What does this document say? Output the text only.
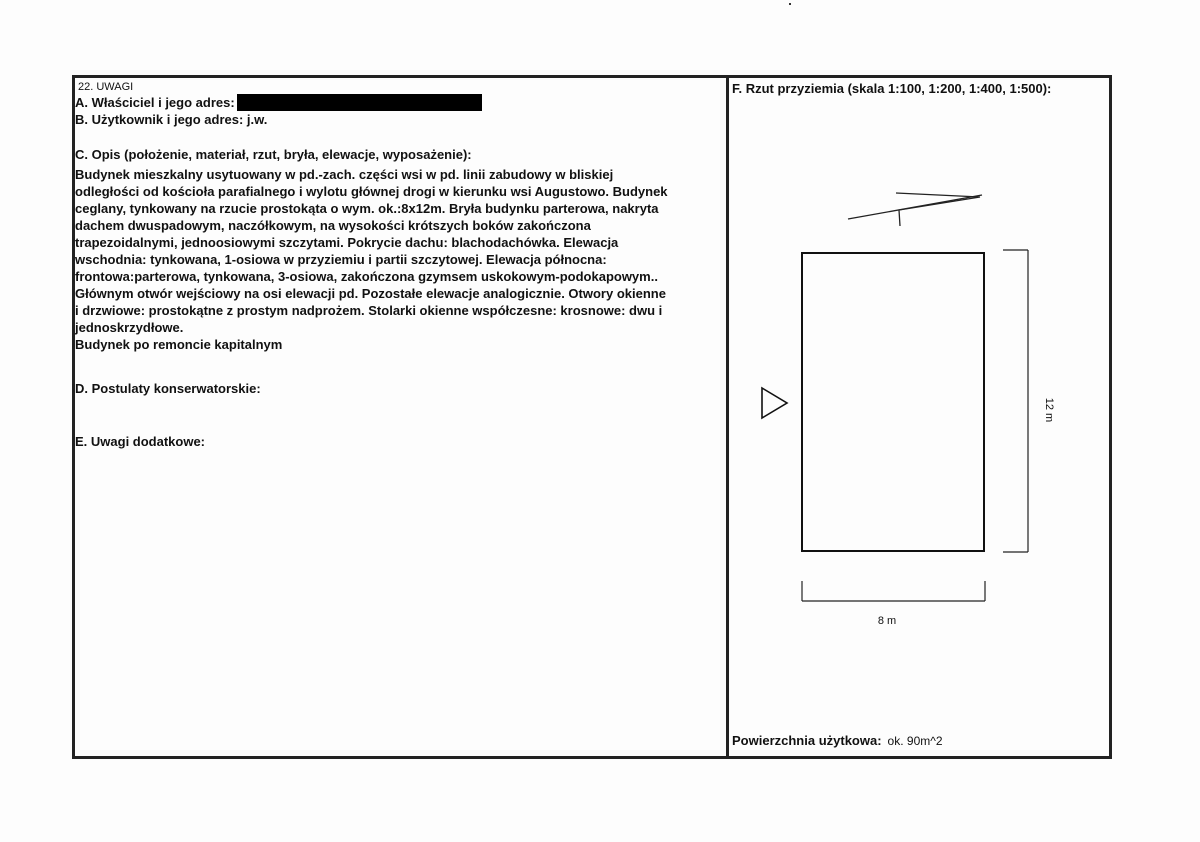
22. UWAGI
A. Właściciel i jego adres:
B. Użytkownik i jego adres: j.w.
C. Opis (położenie, materiał, rzut, bryła, elewacje, wyposażenie):
Budynek mieszkalny usytuowany w pd.-zach. części wsi w pd. linii zabudowy w bliskiej
odległości od kościoła parafialnego i wylotu głównej drogi w kierunku wsi Augustowo. Budynek
ceglany, tynkowany na rzucie prostokąta o wym. ok.:8x12m. Bryła budynku parterowa, nakryta
dachem dwuspadowym, naczółkowym, na wysokości krótszych boków zakończona
trapezoidalnymi, jednoosiowymi szczytami. Pokrycie dachu: blachodachówka. Elewacja
wschodnia: tynkowana, 1-osiowa w przyziemiu i partii szczytowej. Elewacja północna:
frontowa:parterowa, tynkowana, 3-osiowa, zakończona gzymsem uskokowym-podokapowym..
Głównym otwór wejściowy na osi elewacji pd. Pozostałe elewacje analogicznie. Otwory okienne
i drzwiowe: prostokątne z prostym nadprożem. Stolarki okienne współczesne: krosnowe: dwu i
jednoskrzydłowe.
Budynek po remoncie kapitalnym
D. Postulaty konserwatorskie:
E. Uwagi dodatkowe:
F. Rzut przyziemia (skala 1:100, 1:200, 1:400, 1:500):
12 m
8 m
Powierzchnia użytkowa: ok. 90m^2
